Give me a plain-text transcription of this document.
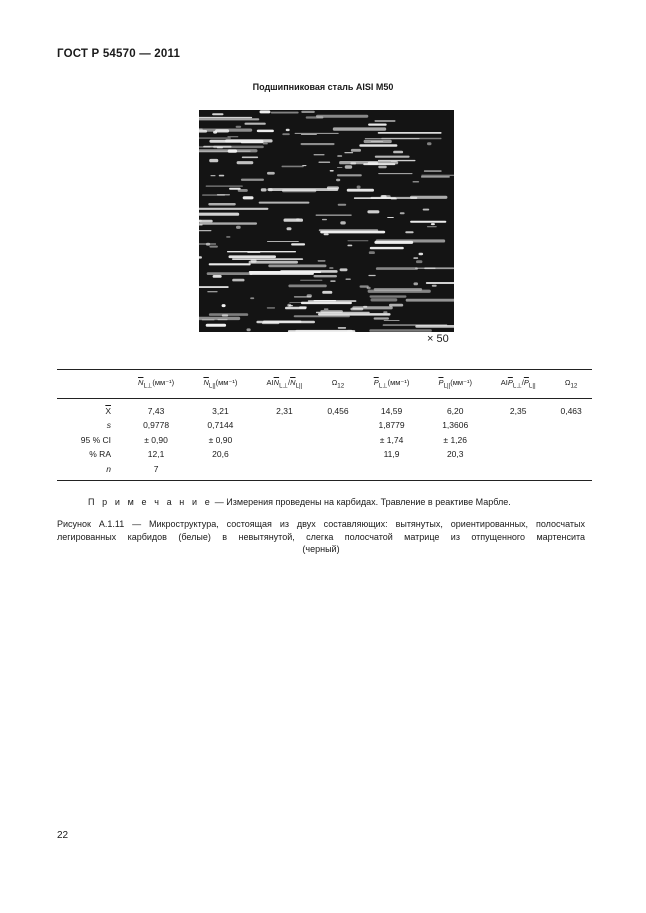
ГОСТ Р 54570 — 2011
Подшипниковая сталь AISI M50
× 50
	$\overline{N}_{L\perp}(мм^{-1})$	$\overline{N}_{L||}(мм^{-1})$	$AI\overline{N}_{L\perp}/\overline{N}_{L||}$	$\Omega_{12}$	$\overline{P}_{L\perp}(мм^{-1})$	$\overline{P}_{L||}(мм^{-1})$	$AI\overline{P}_{L\perp}/\overline{P}_{L||}$	$\Omega_{12}$
$\overline{X}$	7,43	3,21	2,31	0,456	14,59	6,20	2,35	0,463
s	0,9778	0,7144			1,8779	1,3606		
95 % CI	± 0,90	± 0,90			± 1,74	± 1,26		
% RA	12,1	20,6			11,9	20,3		
n	7							
П р и м е ч а н и е — Измерения проведены на карбидах. Травление в реактиве Марбле.
Рисунок А.1.11 — Микроструктура, состоящая из двух составляющих: вытянутых, ориентированных, полосчатых
легированных карбидов (белые) в невытянутой, слегка полосчатой матрице из отпущенного мартенсита
(черный)
22
